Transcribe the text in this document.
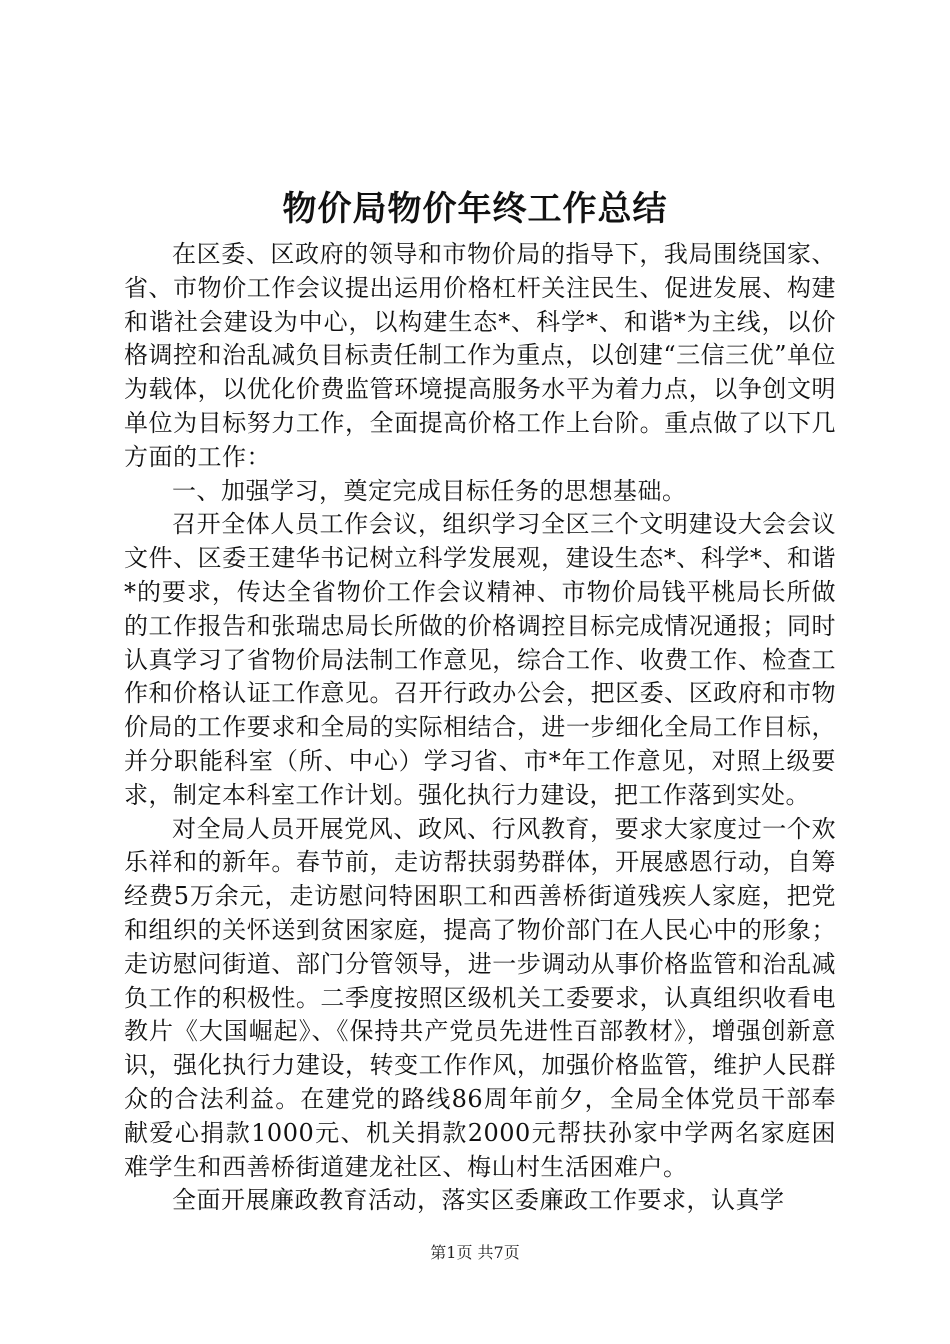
物价局物价年终工作总结

在区委、区政府的领导和市物价局的指导下，我局围绕国家、省、市物价工作会议提出运用价格杠杆关注民生、促进发展、构建和谐社会建设为中心，以构建生态*、科学*、和谐*为主线，以价格调控和治乱减负目标责任制工作为重点，以创建“三信三优”单位为载体，以优化价费监管环境提高服务水平为着力点，以争创文明单位为目标努力工作，全面提高价格工作上台阶。重点做了以下几方面的工作：

一、加强学习，奠定完成目标任务的思想基础。

召开全体人员工作会议，组织学习全区三个文明建设大会会议文件、区委王建华书记树立科学发展观，建设生态*、科学*、和谐*的要求，传达全省物价工作会议精神、市物价局钱平桃局长所做的工作报告和张瑞忠局长所做的价格调控目标完成情况通报；同时认真学习了省物价局法制工作意见，综合工作、收费工作、检查工作和价格认证工作意见。召开行政办公会，把区委、区政府和市物价局的工作要求和全局的实际相结合，进一步细化全局工作目标，并分职能科室（所、中心）学习省、市*年工作意见，对照上级要求，制定本科室工作计划。强化执行力建设，把工作落到实处。

对全局人员开展党风、政风、行风教育，要求大家度过一个欢乐祥和的新年。春节前，走访帮扶弱势群体，开展感恩行动，自筹经费5万余元，走访慰问特困职工和西善桥街道残疾人家庭，把党和组织的关怀送到贫困家庭，提高了物价部门在人民心中的形象；走访慰问街道、部门分管领导，进一步调动从事价格监管和治乱减负工作的积极性。二季度按照区级机关工委要求，认真组织收看电教片《大国崛起》、《保持共产党员先进性百部教材》，增强创新意识，强化执行力建设，转变工作作风，加强价格监管，维护人民群众的合法利益。在建党的路线86周年前夕，全局全体党员干部奉献爱心捐款1000元、机关捐款2000元帮扶孙家中学两名家庭困难学生和西善桥街道建龙社区、梅山村生活困难户。

全面开展廉政教育活动，落实区委廉政工作要求，认真学

第1页 共7页
